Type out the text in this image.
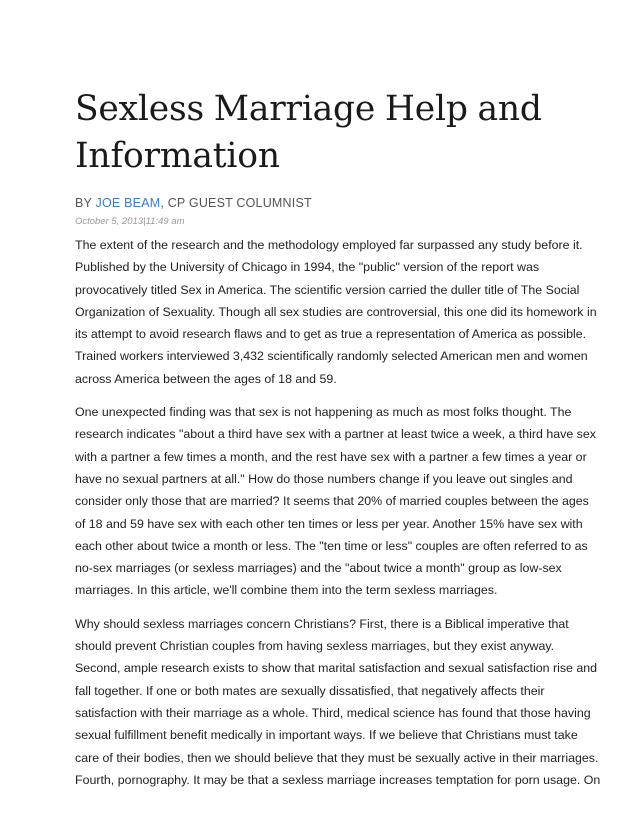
Sexless Marriage Help and
Information
BY JOE BEAM, CP GUEST COLUMNIST
October 5, 2013|11:49 am

The extent of the research and the methodology employed far surpassed any study before it.
Published by the University of Chicago in 1994, the "public" version of the report was
provocatively titled Sex in America. The scientific version carried the duller title of The Social
Organization of Sexuality. Though all sex studies are controversial, this one did its homework in
its attempt to avoid research flaws and to get as true a representation of America as possible.
Trained workers interviewed 3,432 scientifically randomly selected American men and women
across America between the ages of 18 and 59.

One unexpected finding was that sex is not happening as much as most folks thought. The
research indicates "about a third have sex with a partner at least twice a week, a third have sex
with a partner a few times a month, and the rest have sex with a partner a few times a year or
have no sexual partners at all." How do those numbers change if you leave out singles and
consider only those that are married? It seems that 20% of married couples between the ages
of 18 and 59 have sex with each other ten times or less per year. Another 15% have sex with
each other about twice a month or less. The "ten time or less" couples are often referred to as
no-sex marriages (or sexless marriages) and the "about twice a month" group as low-sex
marriages. In this article, we'll combine them into the term sexless marriages.

Why should sexless marriages concern Christians? First, there is a Biblical imperative that
should prevent Christian couples from having sexless marriages, but they exist anyway.
Second, ample research exists to show that marital satisfaction and sexual satisfaction rise and
fall together. If one or both mates are sexually dissatisfied, that negatively affects their
satisfaction with their marriage as a whole. Third, medical science has found that those having
sexual fulfillment benefit medically in important ways. If we believe that Christians must take
care of their bodies, then we should believe that they must be sexually active in their marriages.
Fourth, pornography. It may be that a sexless marriage increases temptation for porn usage. On
